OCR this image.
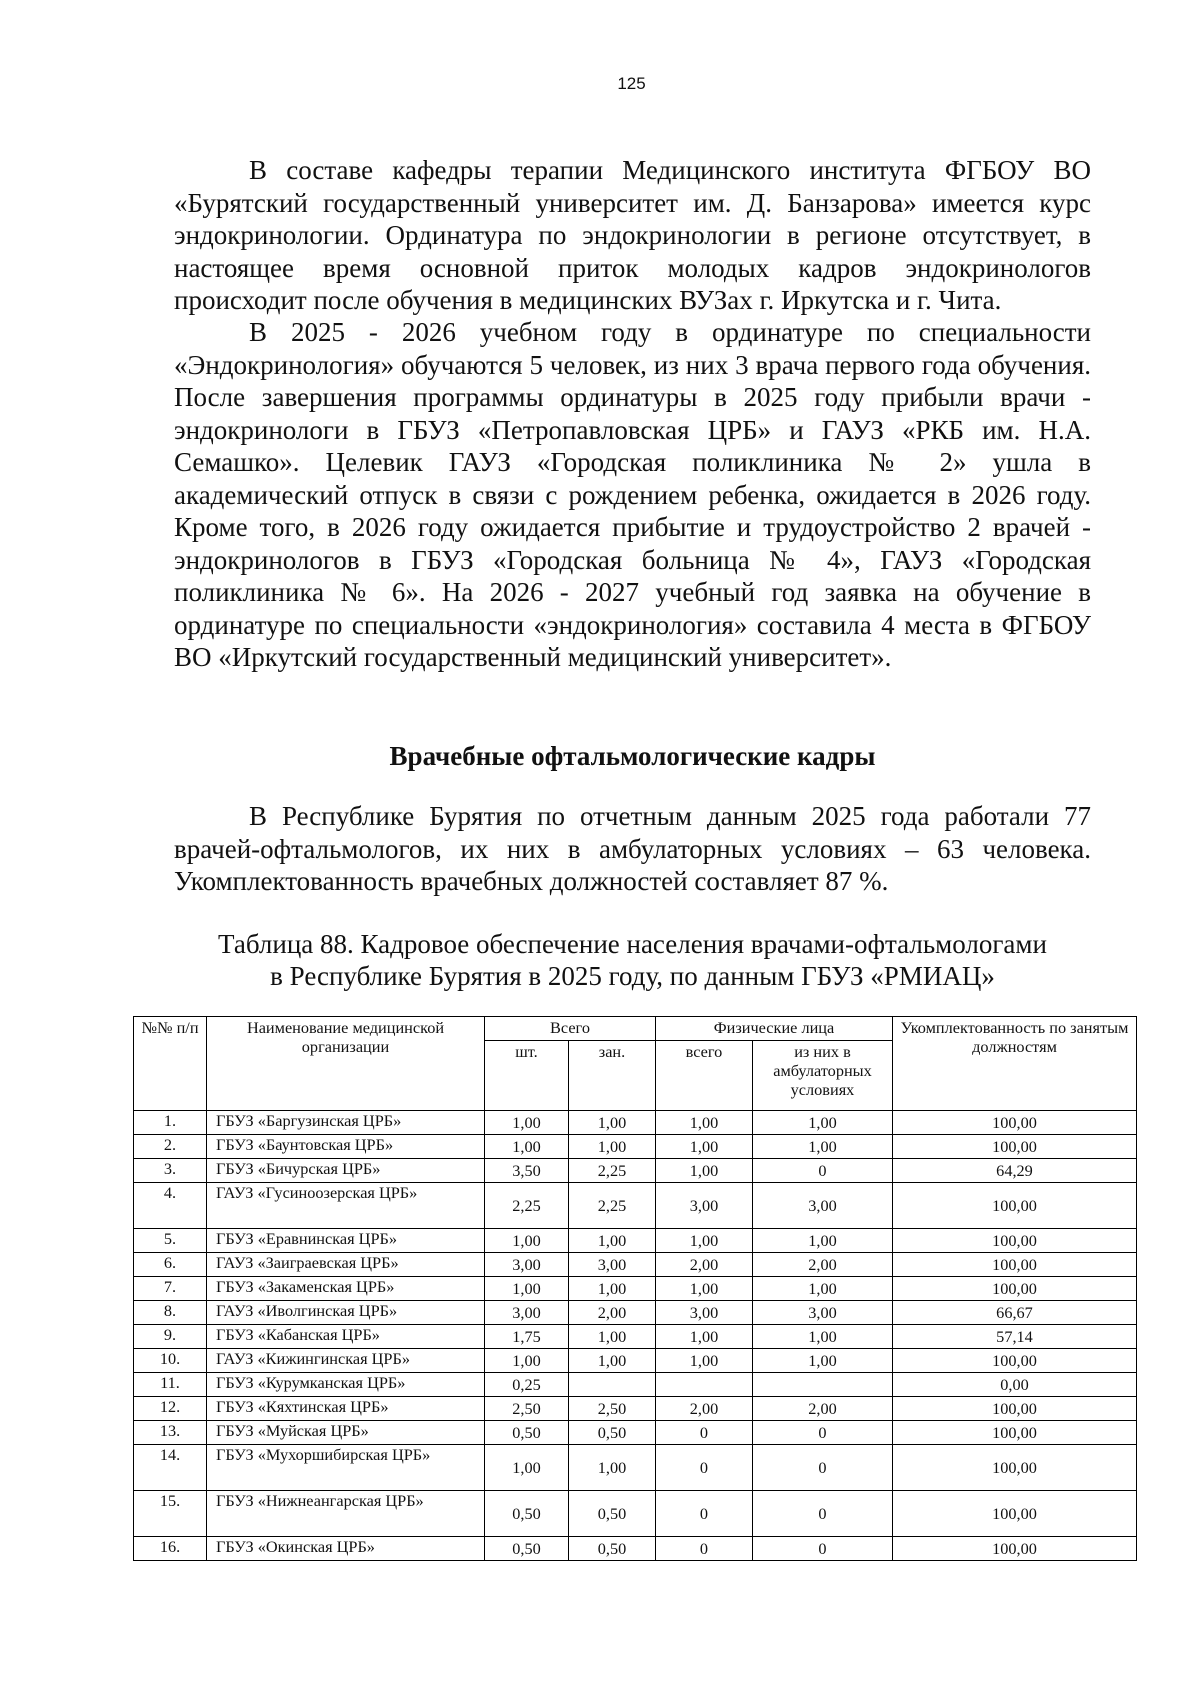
125

В составе кафедры терапии Медицинского института ФГБОУ ВО «Бурятский государственный университет им. Д. Банзарова» имеется курс эндокринологии. Ординатура по эндокринологии в регионе отсутствует, в настоящее время основной приток молодых кадров эндокринологов происходит после обучения в медицинских ВУЗах г. Иркутска и г. Чита.

В 2025 - 2026 учебном году в ординатуре по специальности «Эндокринология» обучаются 5 человек, из них 3 врача первого года обучения. После завершения программы ординатуры в 2025 году прибыли врачи - эндокринологи в ГБУЗ «Петропавловская ЦРБ» и ГАУЗ «РКБ им. Н.А. Семашко». Целевик ГАУЗ «Городская поликлиника № 2» ушла в академический отпуск в связи с рождением ребенка, ожидается в 2026 году. Кроме того, в 2026 году ожидается прибытие и трудоустройство 2 врачей - эндокринологов в ГБУЗ «Городская больница № 4», ГАУЗ «Городская поликлиника № 6». На 2026 - 2027 учебный год заявка на обучение в ординатуре по специальности «эндокринология» составила 4 места в ФГБОУ ВО «Иркутский государственный медицинский университет».

Врачебные офтальмологические кадры

В Республике Бурятия по отчетным данным 2025 года работали 77 врачей-офтальмологов, их них в амбулаторных условиях – 63 человека. Укомплектованность врачебных должностей составляет 87 %.

Таблица 88. Кадровое обеспечение населения врачами-офтальмологами
в Республике Бурятия в 2025 году, по данным ГБУЗ «РМИАЦ»
№№ п/п	Наименование медицинской организации	Всего		Физические лица		Укомплектованность по занятым должностям
		шт.	зан.	всего	из них в амбулаторных условиях	
1.	ГБУЗ «Баргузинская ЦРБ»	1,00	1,00	1,00	1,00	100,00
2.	ГБУЗ «Баунтовская ЦРБ»	1,00	1,00	1,00	1,00	100,00
3.	ГБУЗ «Бичурская ЦРБ»	3,50	2,25	1,00	0	64,29
4.	ГАУЗ «Гусиноозерская ЦРБ»	2,25	2,25	3,00	3,00	100,00
5.	ГБУЗ «Еравнинская ЦРБ»	1,00	1,00	1,00	1,00	100,00
6.	ГАУЗ «Заиграевская ЦРБ»	3,00	3,00	2,00	2,00	100,00
7.	ГБУЗ «Закаменская ЦРБ»	1,00	1,00	1,00	1,00	100,00
8.	ГАУЗ «Иволгинская ЦРБ»	3,00	2,00	3,00	3,00	66,67
9.	ГБУЗ «Кабанская ЦРБ»	1,75	1,00	1,00	1,00	57,14
10.	ГАУЗ «Кижингинская ЦРБ»	1,00	1,00	1,00	1,00	100,00
11.	ГБУЗ «Курумканская ЦРБ»	0,25				0,00
12.	ГБУЗ «Кяхтинская ЦРБ»	2,50	2,50	2,00	2,00	100,00
13.	ГБУЗ «Муйская ЦРБ»	0,50	0,50	0	0	100,00
14.	ГБУЗ «Мухоршибирская ЦРБ»	1,00	1,00	0	0	100,00
15.	ГБУЗ «Нижнеангарская ЦРБ»	0,50	0,50	0	0	100,00
16.	ГБУЗ «Окинская ЦРБ»	0,50	0,50	0	0	100,00
